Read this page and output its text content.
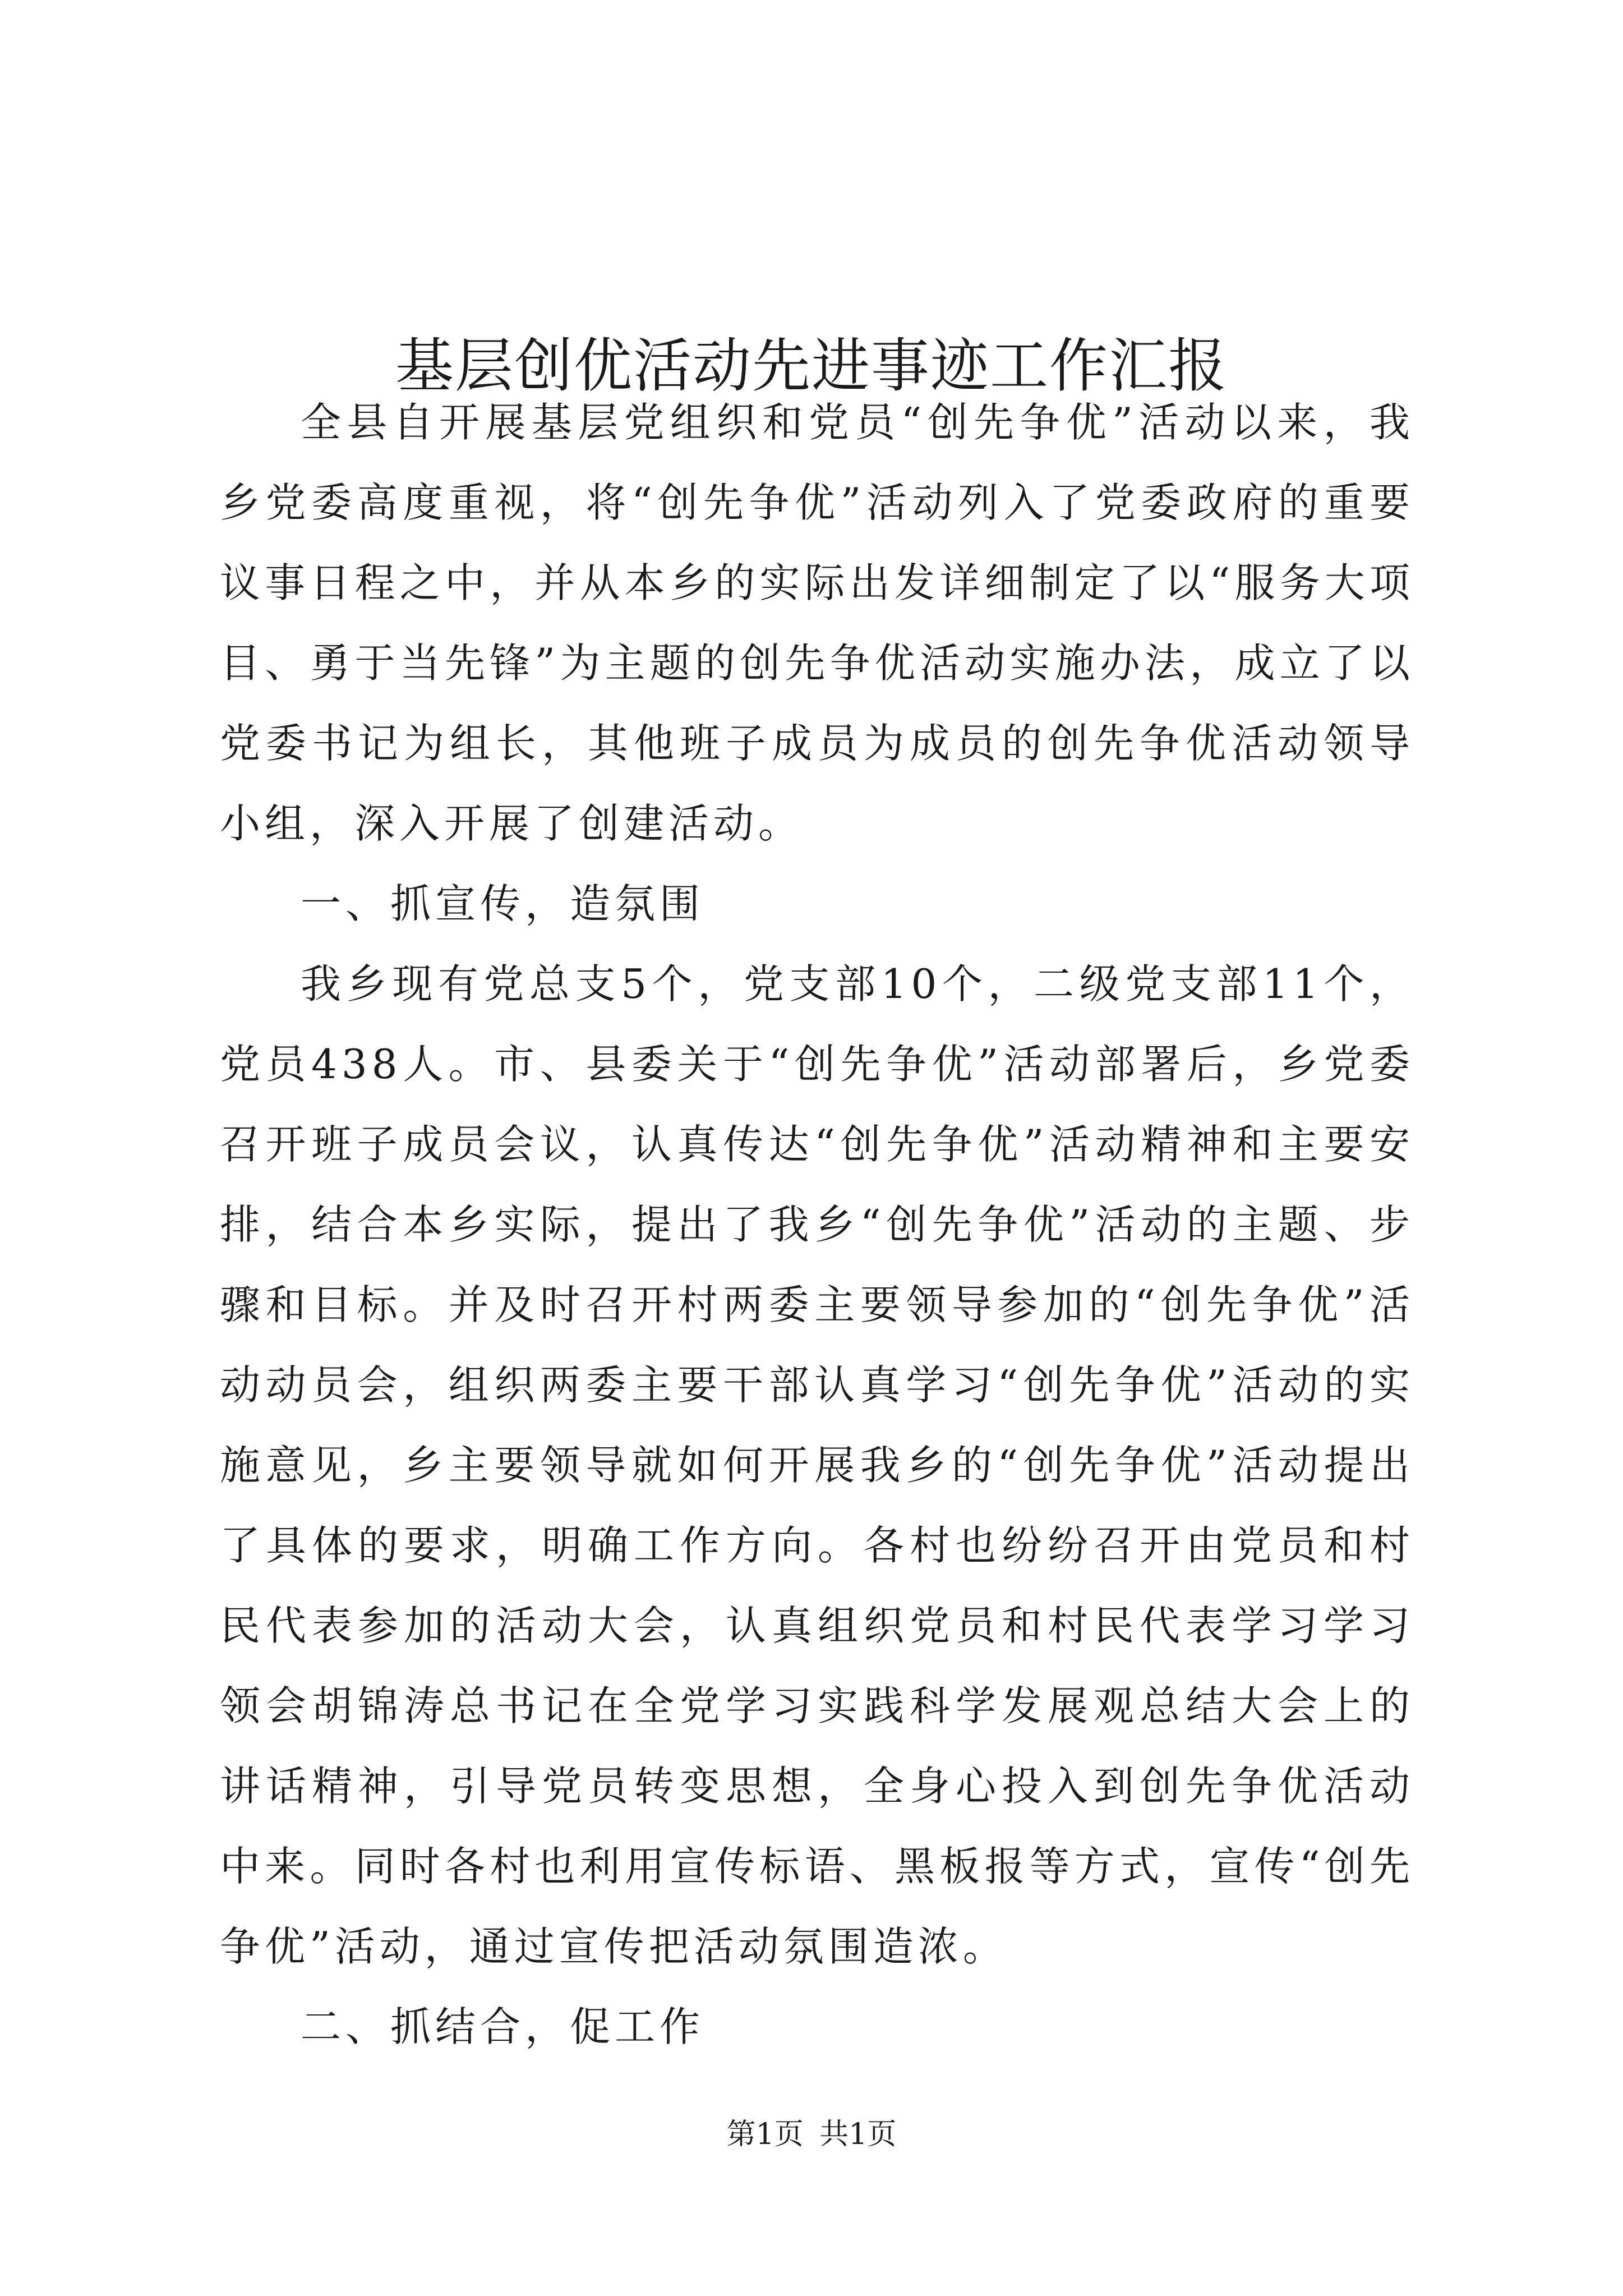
基层创优活动先进事迹工作汇报

全县自开展基层党组织和党员“创先争优”活动以来，我乡党委高度重视，将“创先争优”活动列入了党委政府的重要议事日程之中，并从本乡的实际出发详细制定了以“服务大项目、勇于当先锋”为主题的创先争优活动实施办法，成立了以党委书记为组长，其他班子成员为成员的创先争优活动领导小组，深入开展了创建活动。

一、抓宣传，造氛围

我乡现有党总支5个，党支部10个，二级党支部11个，党员438人。市、县委关于“创先争优”活动部署后，乡党委召开班子成员会议，认真传达“创先争优”活动精神和主要安排，结合本乡实际，提出了我乡“创先争优”活动的主题、步骤和目标。并及时召开村两委主要领导参加的“创先争优”活动动员会，组织两委主要干部认真学习“创先争优”活动的实施意见，乡主要领导就如何开展我乡的“创先争优”活动提出了具体的要求，明确工作方向。各村也纷纷召开由党员和村民代表参加的活动大会，认真组织党员和村民代表学习学习领会胡锦涛总书记在全党学习实践科学发展观总结大会上的讲话精神，引导党员转变思想，全身心投入到创先争优活动中来。同时各村也利用宣传标语、黑板报等方式，宣传“创先争优”活动，通过宣传把活动氛围造浓。

二、抓结合，促工作

第1页 共1页
